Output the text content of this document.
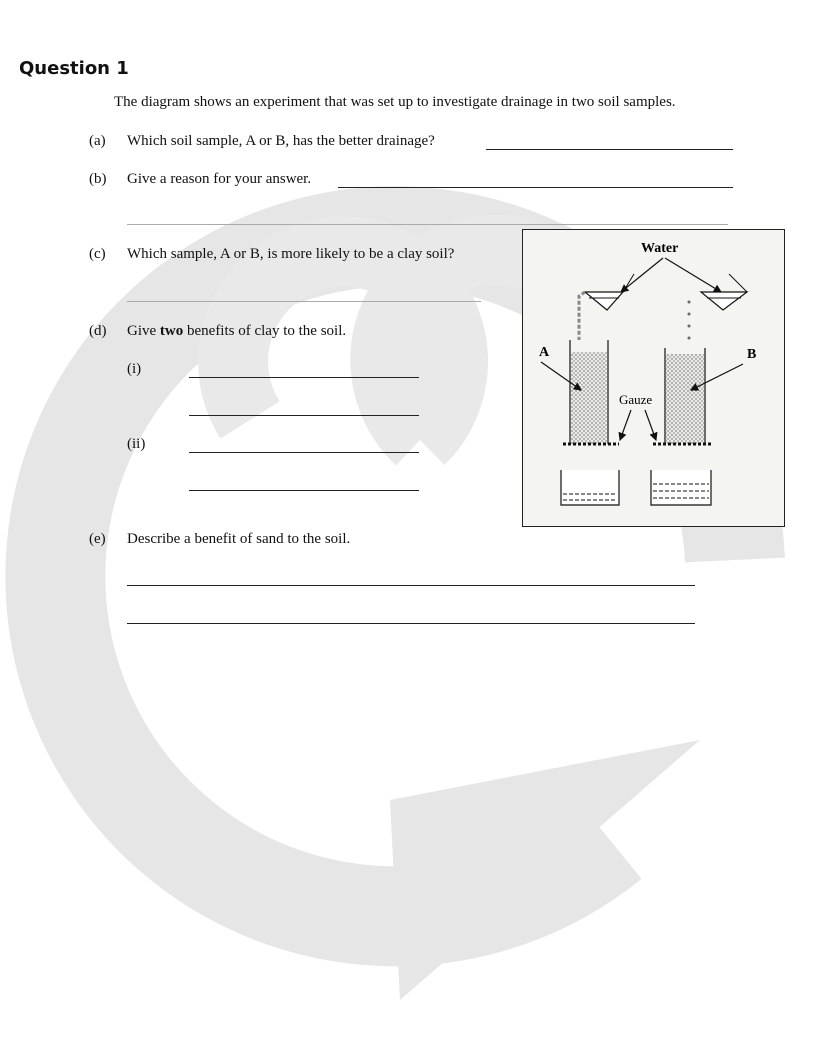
Question 1
The diagram shows an experiment that was set up to investigate drainage in two soil samples.
(a) Which soil sample, A or B, has the better drainage?
(b) Give a reason for your answer.
(c) Which sample, A or B, is more likely to be a clay soil?
(d) Give two benefits of clay to the soil.
(i)
(ii)
(e) Describe a benefit of sand to the soil.
Water
A	B
Gauze
